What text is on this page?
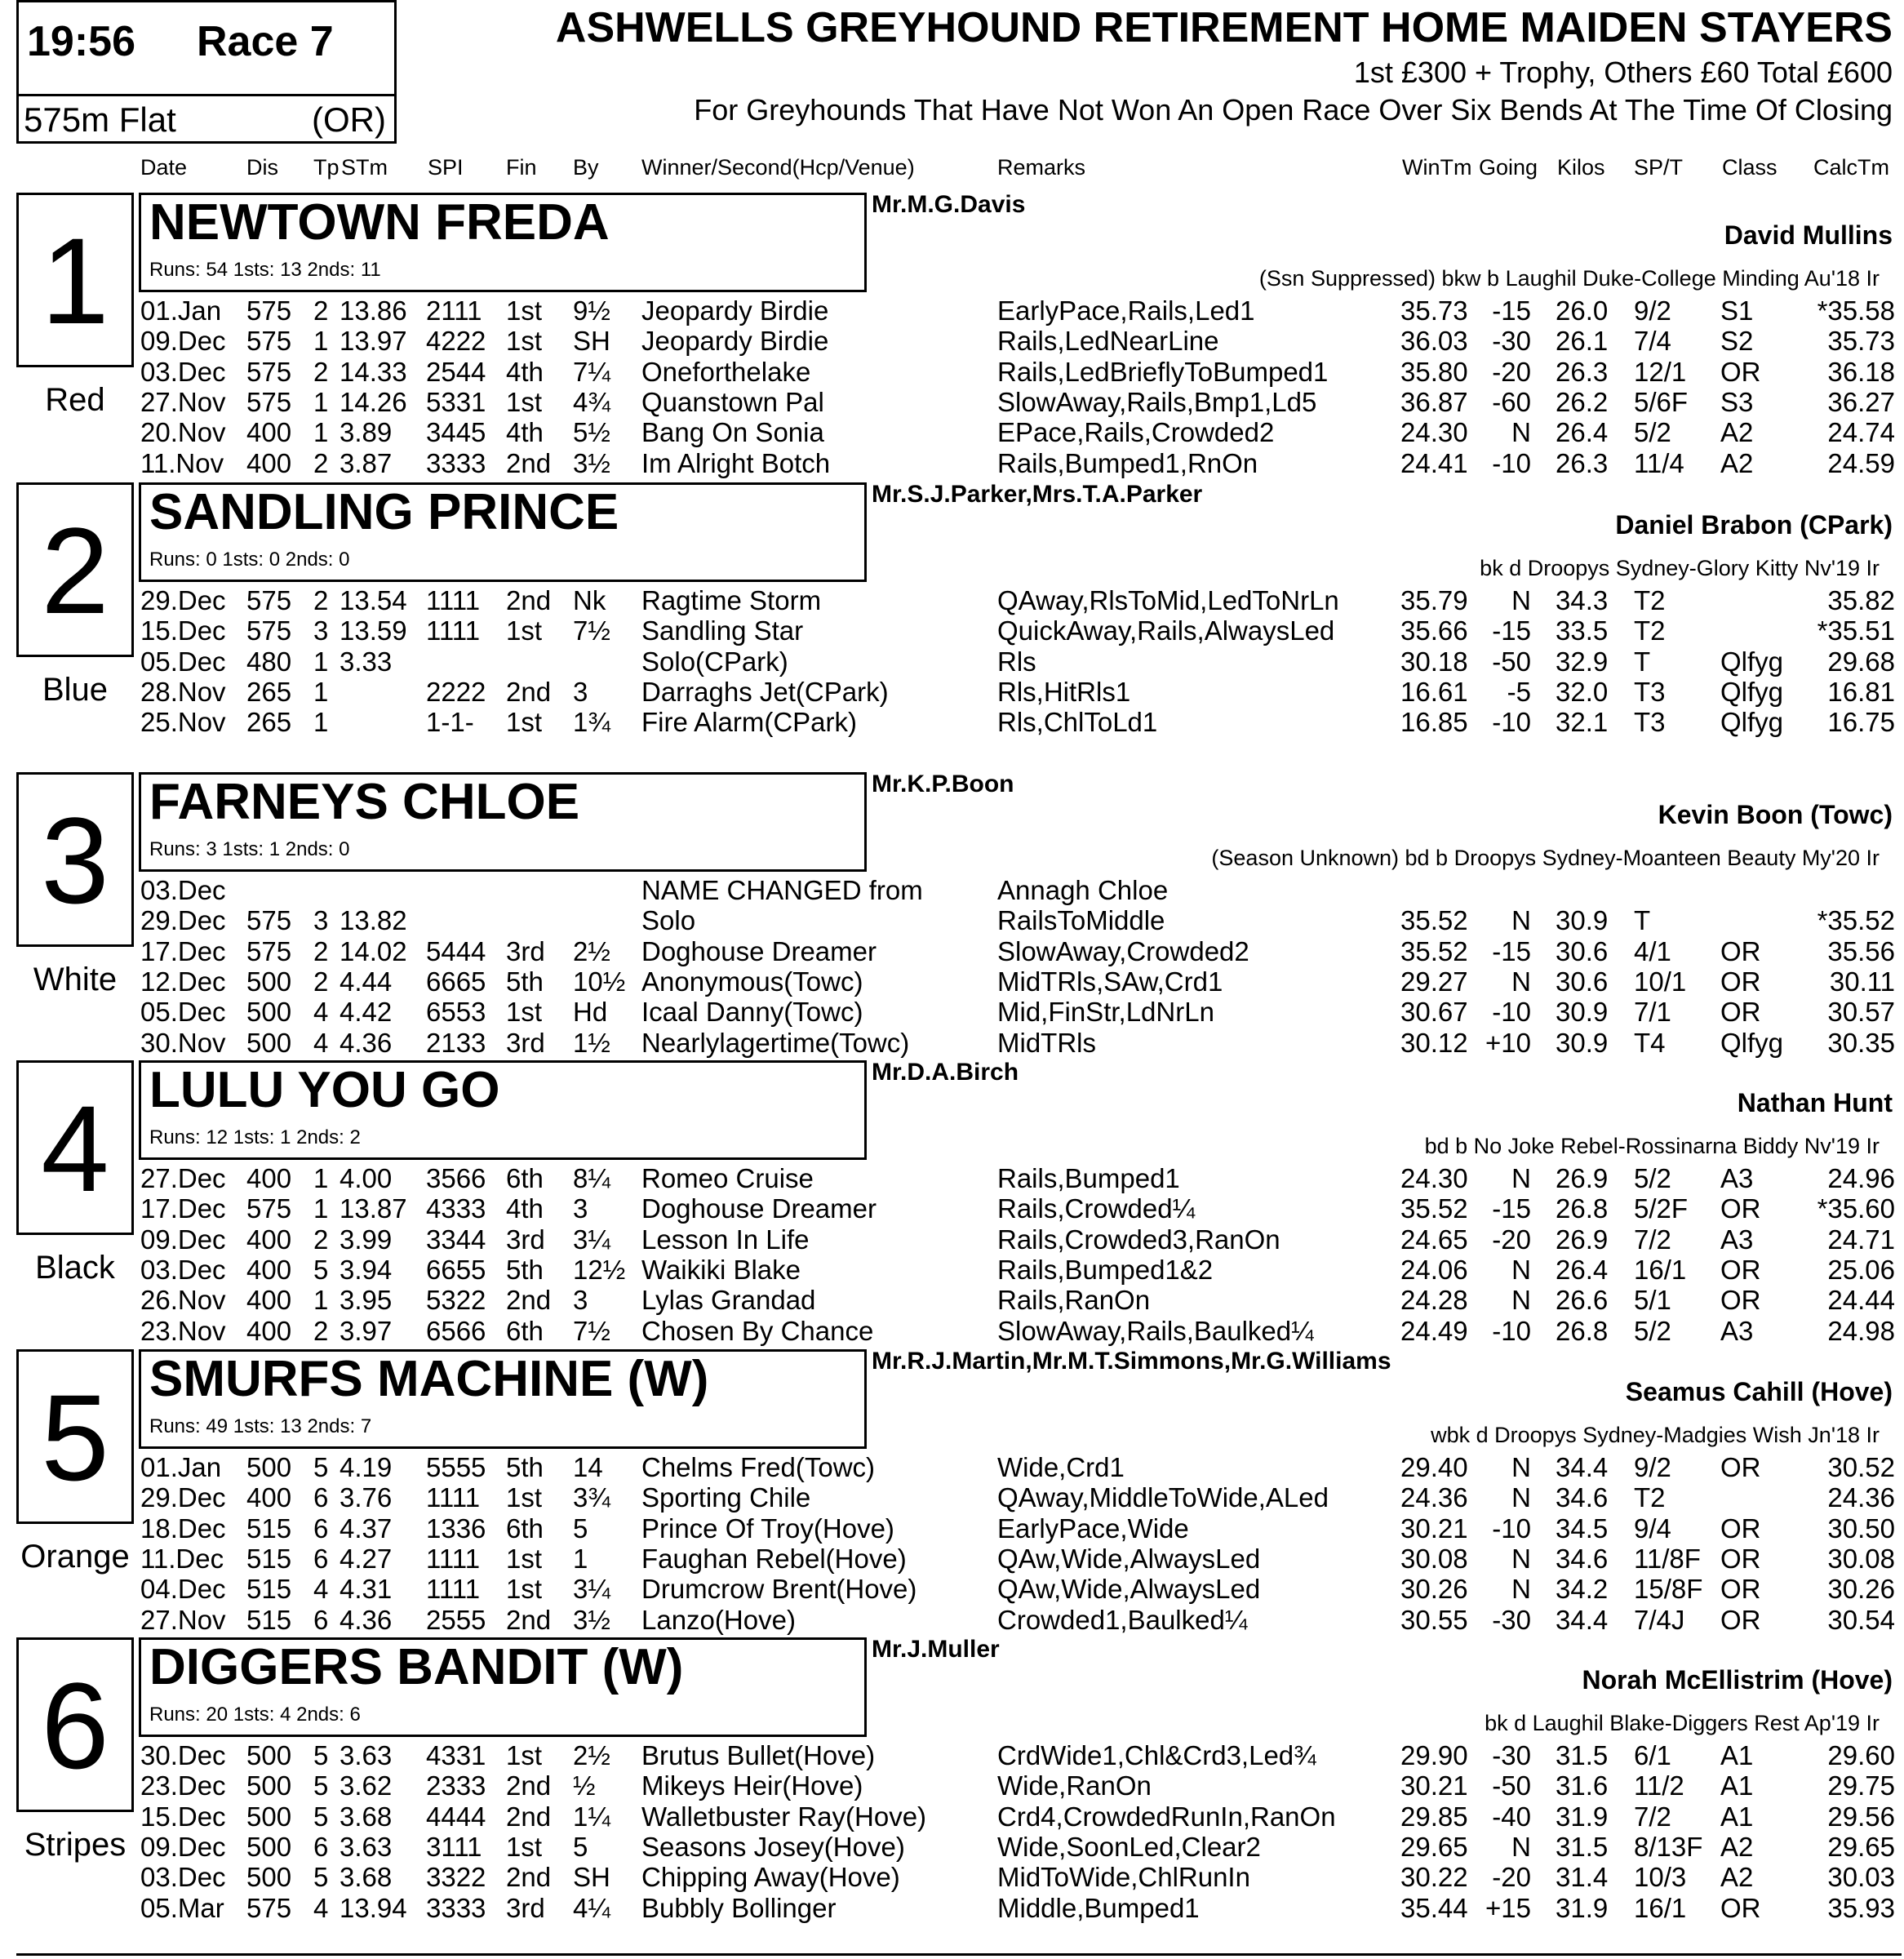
19:56 Race 7
575m Flat	(OR)
ASHWELLS GREYHOUND RETIREMENT HOME MAIDEN STAYERS
1st £300 + Trophy, Others £60 Total £600
For Greyhounds That Have Not Won An Open Race Over Six Bends At The Time Of Closing
Date	Dis Tp STm SPI Fin By Winner/Second(Hcp/Venue)	Remarks	WinTm Going Kilos SP/T Class CalcTm
1
Red
NEWTOWN FREDA
Runs: 54 1sts: 13 2nds: 11
Mr.M.G.Davis
David Mullins
(Ssn Suppressed) bkw b Laughil Duke-College Minding Au'18 Ir
01.Jan 575 2 13.86 2111 1st 9½ Jeopardy Birdie	EarlyPace,Rails,Led1	35.73 -15 26.0 9/2 S1	*35.58
09.Dec 575 1 13.97 4222 1st SH Jeopardy Birdie	Rails,LedNearLine	36.03 -30 26.1 7/4 S2	35.73
03.Dec 575 2 14.33 2544 4th 7¼ Oneforthelake	Rails,LedBrieflyToBumped1	35.80 -20 26.3 12/1 OR	36.18
27.Nov 575 1 14.26 5331 1st 4¾ Quanstown Pal	SlowAway,Rails,Bmp1,Ld5	36.87 -60 26.2 5/6F S3	36.27
20.Nov 400 1 3.89 3445 4th 5½ Bang On Sonia	EPace,Rails,Crowded2	24.30	N 26.4 5/2 A2	24.74
11.Nov 400 2 3.87 3333 2nd 3½ Im Alright Botch	Rails,Bumped1,RnOn	24.41 -10 26.3 11/4 A2	24.59
2
Blue
SANDLING PRINCE
Runs: 0 1sts: 0 2nds: 0
Mr.S.J.Parker,Mrs.T.A.Parker
Daniel Brabon (CPark)
bk d Droopys Sydney-Glory Kitty Nv'19 Ir
29.Dec 575 2 13.54 1111 2nd Nk Ragtime Storm	QAway,RlsToMid,LedToNrLn 35.79	N 34.3 T2	35.82
15.Dec 575 3 13.59 1111 1st 7½ Sandling Star	QuickAway,Rails,AlwaysLed 35.66 -15 33.5 T2	*35.51
05.Dec 480 1 3.33	Solo(CPark)	Rls	30.18 -50 32.9 T	Qlfyg	29.68
28.Nov 265 1	2222 2nd 3 Darraghs Jet(CPark)	Rls,HitRls1	16.61	-5 32.0 T3 Qlfyg	16.81
25.Nov 265 1	1-1- 1st 1¾ Fire Alarm(CPark)	Rls,ChlToLd1	16.85 -10 32.1 T3 Qlfyg	16.75
3
White
FARNEYS CHLOE
Runs: 3 1sts: 1 2nds: 0
Mr.K.P.Boon
Kevin Boon (Towc)
(Season Unknown) bd b Droopys Sydney-Moanteen Beauty My'20 Ir
03.Dec	NAME CHANGED from	Annagh Chloe
29.Dec 575 3 13.82	Solo	RailsToMiddle	35.52	N 30.9 T	*35.52
17.Dec 575 2 14.02 5444 3rd 2½ Doghouse Dreamer	SlowAway,Crowded2	35.52 -15 30.6 4/1 OR	35.56
12.Dec 500 2 4.44 6665 5th 10½ Anonymous(Towc)	MidTRls,SAw,Crd1	29.27	N 30.6 10/1 OR	30.11
05.Dec 500 4 4.42 6553 1st Hd Icaal Danny(Towc)	Mid,FinStr,LdNrLn	30.67 -10 30.9 7/1 OR	30.57
30.Nov 500 4 4.36 2133 3rd 1½ Nearlylagertime(Towc)	MidTRls	30.12 +10 30.9 T4 Qlfyg	30.35
4
Black
LULU YOU GO
Runs: 12 1sts: 1 2nds: 2
Mr.D.A.Birch
Nathan Hunt
bd b No Joke Rebel-Rossinarna Biddy Nv'19 Ir
27.Dec 400 1 4.00 3566 6th 8¼ Romeo Cruise	Rails,Bumped1	24.30	N 26.9 5/2 A3	24.96
17.Dec 575 1 13.87 4333 4th 3 Doghouse Dreamer	Rails,Crowded¼	35.52 -15 26.8 5/2F OR	*35.60
09.Dec 400 2 3.99 3344 3rd 3¼ Lesson In Life	Rails,Crowded3,RanOn	24.65 -20 26.9 7/2 A3	24.71
03.Dec 400 5 3.94 6655 5th 12½ Waikiki Blake	Rails,Bumped1&2	24.06	N 26.4 16/1 OR	25.06
26.Nov 400 1 3.95 5322 2nd 3 Lylas Grandad	Rails,RanOn	24.28	N 26.6 5/1 OR	24.44
23.Nov 400 2 3.97 6566 6th 7½ Chosen By Chance	SlowAway,Rails,Baulked¼	24.49 -10 26.8 5/2 A3	24.98
5
Orange
SMURFS MACHINE (W)
Runs: 49 1sts: 13 2nds: 7
Mr.R.J.Martin,Mr.M.T.Simmons,Mr.G.Williams
Seamus Cahill (Hove)
wbk d Droopys Sydney-Madgies Wish Jn'18 Ir
01.Jan 500 5 4.19 5555 5th 14 Chelms Fred(Towc)	Wide,Crd1	29.40	N 34.4 9/2 OR	30.52
29.Dec 400 6 3.76 1111 1st 3¾ Sporting Chile	QAway,MiddleToWide,ALed	24.36	N 34.6 T2	24.36
18.Dec 515 6 4.37 1336 6th 5 Prince Of Troy(Hove)	EarlyPace,Wide	30.21 -10 34.5 9/4 OR	30.50
11.Dec 515 6 4.27 1111 1st 1 Faughan Rebel(Hove)	QAw,Wide,AlwaysLed	30.08	N 34.6 11/8F OR	30.08
04.Dec 515 4 4.31 1111 1st 3¼ Drumcrow Brent(Hove)	QAw,Wide,AlwaysLed	30.26	N 34.2 15/8F OR	30.26
27.Nov 515 6 4.36 2555 2nd 3½ Lanzo(Hove)	Crowded1,Baulked¼	30.55 -30 34.4 7/4J OR	30.54
6
Stripes
DIGGERS BANDIT (W)
Runs: 20 1sts: 4 2nds: 6
Mr.J.Muller
Norah McEllistrim (Hove)
bk d Laughil Blake-Diggers Rest Ap'19 Ir
30.Dec 500 5 3.63 4331 1st 2½ Brutus Bullet(Hove)	CrdWide1,Chl&Crd3,Led¾	29.90 -30 31.5 6/1 A1	29.60
23.Dec 500 5 3.62 2333 2nd ½ Mikeys Heir(Hove)	Wide,RanOn	30.21 -50 31.6 11/2 A1	29.75
15.Dec 500 5 3.68 4444 2nd 1¼ Walletbuster Ray(Hove)	Crd4,CrowdedRunIn,RanOn 29.85 -40 31.9 7/2 A1	29.56
09.Dec 500 6 3.63 3111 1st 5 Seasons Josey(Hove)	Wide,SoonLed,Clear2	29.65	N 31.5 8/13F A2	29.65
03.Dec 500 5 3.68 3322 2nd SH Chipping Away(Hove)	MidToWide,ChlRunIn	30.22 -20 31.4 10/3 A2	30.03
05.Mar 575 4 13.94 3333 3rd 4¼ Bubbly Bollinger	Middle,Bumped1	35.44 +15 31.9 16/1 OR	35.93
